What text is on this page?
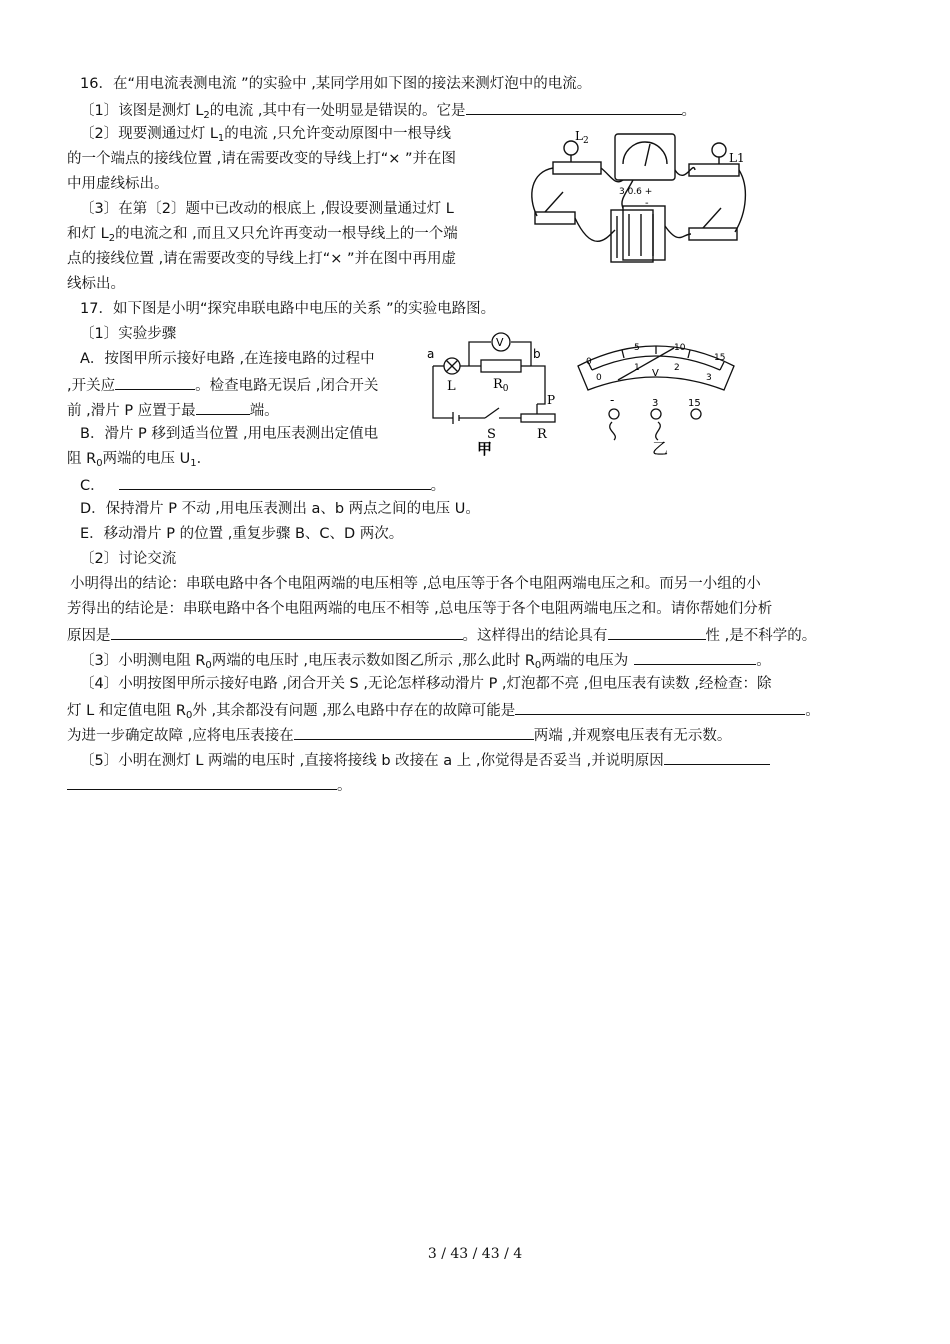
16．在“用电流表测电流 ”的实验中 ,某同学用如下图的接法来测灯泡中的电流。
〔1〕该图是测灯 $L_2$的电流 ,其中有一处明显是错误的。它是	。
〔2〕现要测通过灯 $L_1$的电流 ,只允许变动原图中一根导线
的一个端点的接线位置 ,请在需要改变的导线上打“× ”并在图
中用虚线标出。
〔3〕在第〔2〕题中已改动的根底上 ,假设要测量通过灯 L
和灯 $L_2$的电流之和 ,而且又只允许再变动一根导线上的一个端
点的接线位置 ,请在需要改变的导线上打“× ”并在图中再用虚
线标出。
$L_2$
L1
3 0.6 +
-
17．如下图是小明“探究串联电路中电压的关系 ”的实验电路图。
〔1〕实验步骤
A．按图甲所示接好电路 ,在连接电路的过程中
,开关应	。检查电路无误后 ,闭合开关
前 ,滑片 P 应置于最	端。
B．滑片 P 移到适当位置 ,用电压表测出定值电
阻 $R_0$两端的电压 $U_1$．
C．	。
D．保持滑片 P 不动 ,用电压表测出 a、b 两点之间的电压 U。
E．移动滑片 P 的位置 ,重复步骤 B、C、D 两次。
a	b
V
L	$R_0$
P
S	R
甲
0
5	10
15
0
1	2
3
V
-	3	15
乙
〔2〕讨论交流
小明得出的结论：串联电路中各个电阻两端的电压相等 ,总电压等于各个电阻两端电压之和。而另一小组的小
芳得出的结论是：串联电路中各个电阻两端的电压不相等 ,总电压等于各个电阻两端电压之和。请你帮她们分析
原因是	。这样得出的结论具有	性 ,是不科学的。
〔3〕小明测电阻 $R_0$两端的电压时 ,电压表示数如图乙所示 ,那么此时 $R_0$两端的电压为	。
〔4〕小明按图甲所示接好电路 ,闭合开关 S ,无论怎样移动滑片 P ,灯泡都不亮 ,但电压表有读数 ,经检查：除
灯 L 和定值电阻 $R_0$外 ,其余都没有问题 ,那么电路中存在的故障可能是	。
为进一步确定故障 ,应将电压表接在	两端 ,并观察电压表有无示数。
〔5〕小明在测灯 L 两端的电压时 ,直接将接线 b 改接在 a 上 ,你觉得是否妥当 ,并说明原因
。
3 / 43 / 43 / 4
